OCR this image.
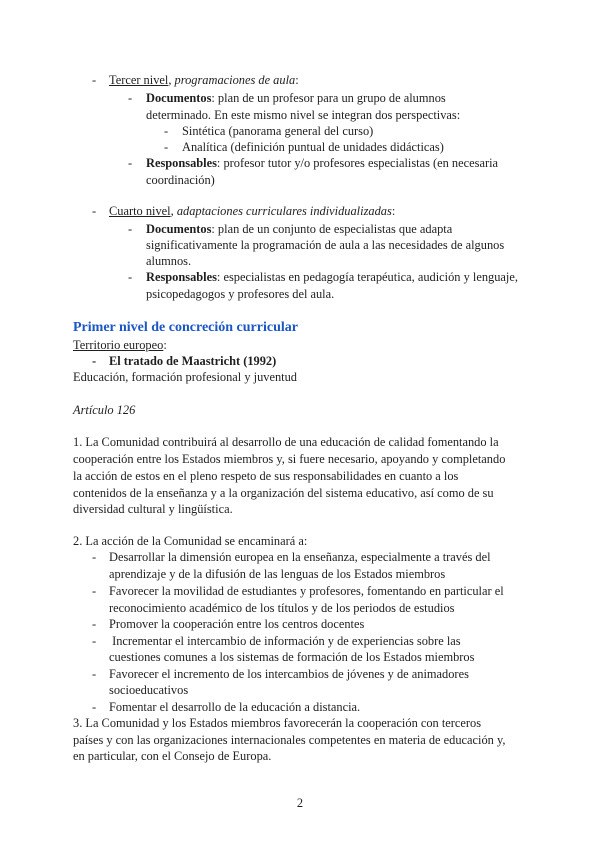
- Tercer nivel, programaciones de aula:
- Documentos: plan de un profesor para un grupo de alumnos
determinado. En este mismo nivel se integran dos perspectivas:
- Sintética (panorama general del curso)
- Analítica (definición puntual de unidades didácticas)
- Responsables: profesor tutor y/o profesores especialistas (en necesaria
coordinación)
- Cuarto nivel, adaptaciones curriculares individualizadas:
- Documentos: plan de un conjunto de especialistas que adapta
significativamente la programación de aula a las necesidades de algunos
alumnos.
- Responsables: especialistas en pedagogía terapéutica, audición y lenguaje,
psicopedagogos y profesores del aula.
Primer nivel de concreción curricular
Territorio europeo:
- El tratado de Maastricht (1992)
Educación, formación profesional y juventud
Artículo 126
1. La Comunidad contribuirá al desarrollo de una educación de calidad fomentando la
cooperación entre los Estados miembros y, si fuere necesario, apoyando y completando
la acción de estos en el pleno respeto de sus responsabilidades en cuanto a los
contenidos de la enseñanza y a la organización del sistema educativo, así como de su
diversidad cultural y lingüística.
2. La acción de la Comunidad se encaminará a:
- Desarrollar la dimensión europea en la enseñanza, especialmente a través del
aprendizaje y de la difusión de las lenguas de los Estados miembros
- Favorecer la movilidad de estudiantes y profesores, fomentando en particular el
reconocimiento académico de los títulos y de los periodos de estudios
- Promover la cooperación entre los centros docentes
- Incrementar el intercambio de información y de experiencias sobre las
cuestiones comunes a los sistemas de formación de los Estados miembros
- Favorecer el incremento de los intercambios de jóvenes y de animadores
socioeducativos
- Fomentar el desarrollo de la educación a distancia.
3. La Comunidad y los Estados miembros favorecerán la cooperación con terceros
países y con las organizaciones internacionales competentes en materia de educación y,
en particular, con el Consejo de Europa.
2
